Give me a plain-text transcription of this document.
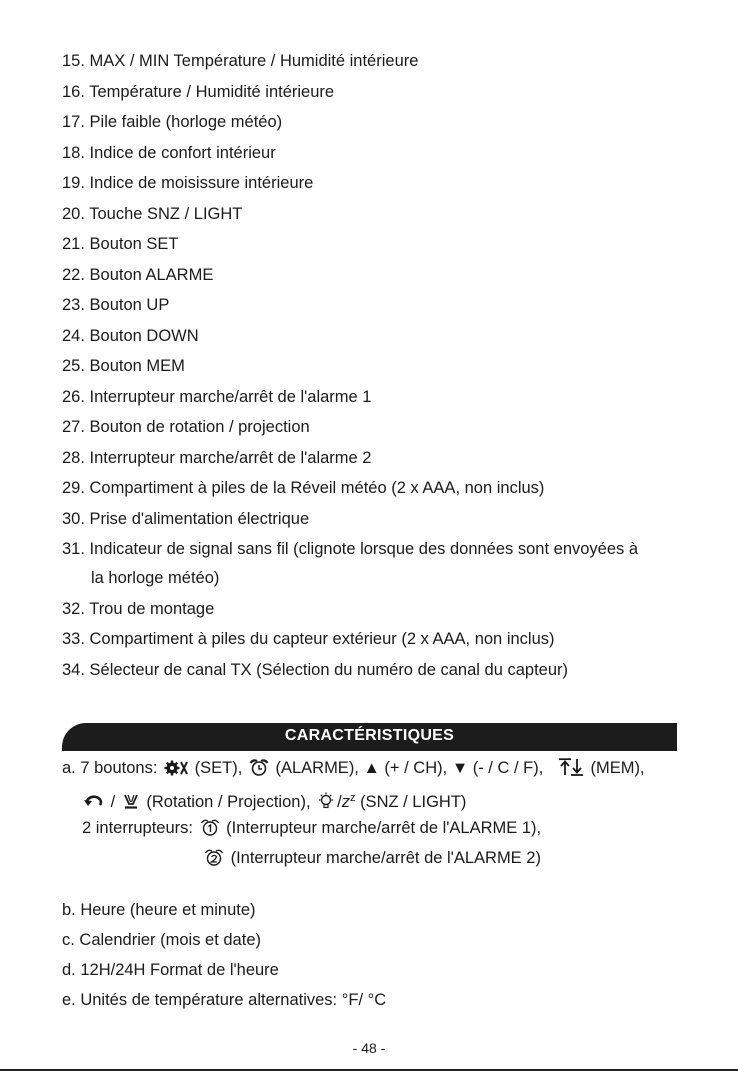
15. MAX / MIN Température / Humidité intérieure
16. Température / Humidité intérieure
17. Pile faible (horloge météo)
18. Indice de confort intérieur
19. Indice de moisissure intérieure
20. Touche SNZ / LIGHT
21. Bouton SET
22. Bouton ALARME
23. Bouton UP
24. Bouton DOWN
25. Bouton MEM
26. Interrupteur marche/arrêt de l'alarme 1
27. Bouton de rotation / projection
28. Interrupteur marche/arrêt de l'alarme 2
29. Compartiment à piles de la Réveil météo (2 x AAA, non inclus)
30. Prise d'alimentation électrique
31. Indicateur de signal sans fil (clignote lorsque des données sont envoyées à
la horloge météo)
32. Trou de montage
33. Compartiment à piles du capteur extérieur (2 x AAA, non inclus)
34. Sélecteur de canal TX (Sélection du numéro de canal du capteur)
CARACTÉRISTIQUES
a. 7 boutons: (SET), (ALARME), ▲ (+ / CH), ▼ (- / C / F),	(MEM),
/ (Rotation / Projection), $/z^z$ (SNZ / LIGHT)
2 interrupteurs: (Interrupteur marche/arrêt de l'ALARME 1),
(Interrupteur marche/arrêt de l'ALARME 2)
b. Heure (heure et minute)
c. Calendrier (mois et date)
d. 12H/24H Format de l'heure
e. Unités de température alternatives: °F/ °C
- 48 -
